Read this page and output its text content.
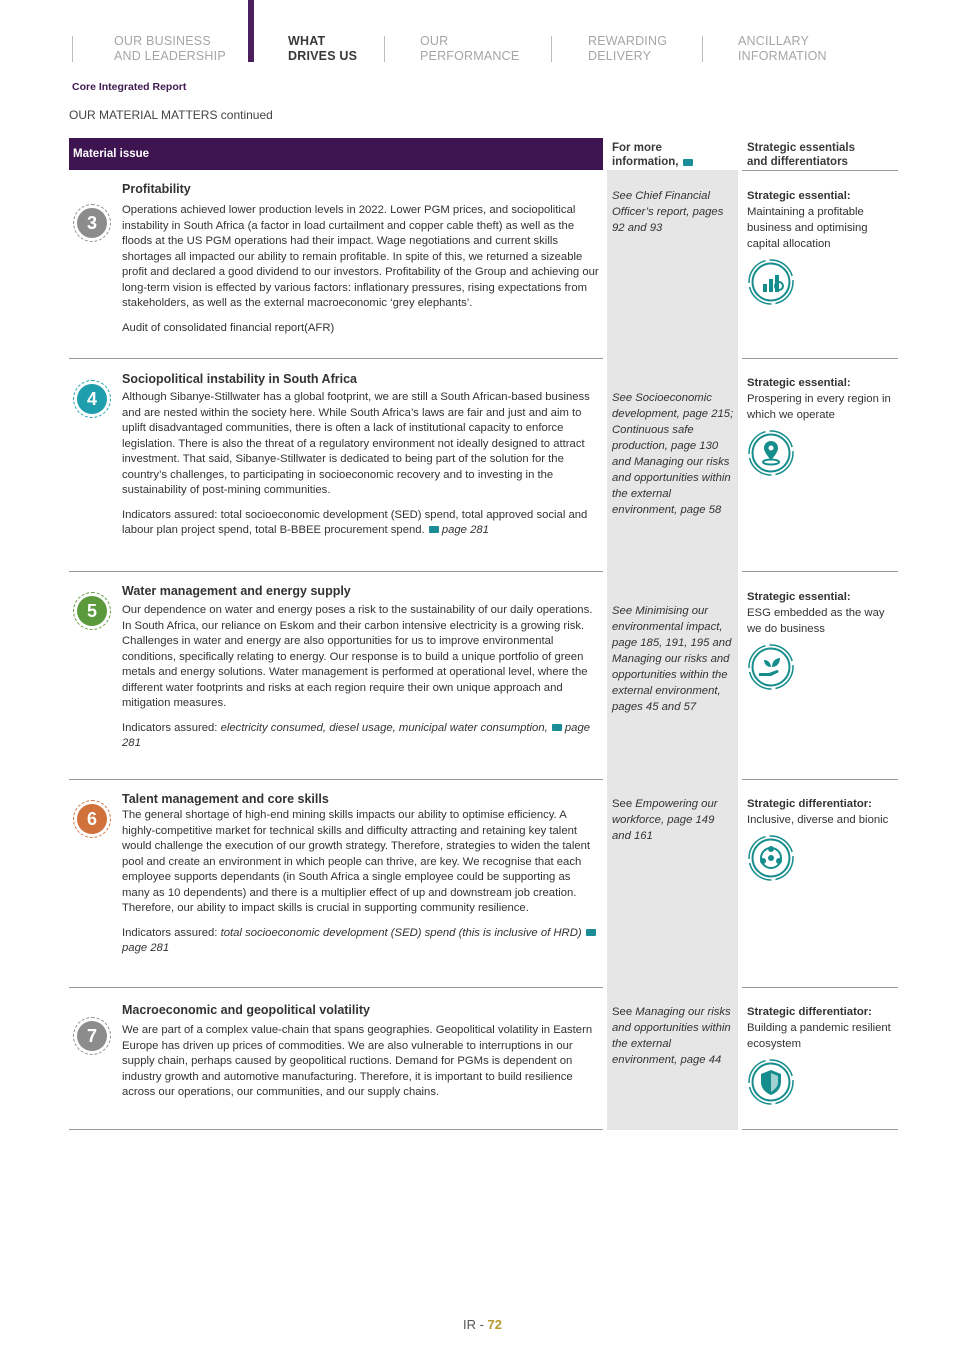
OUR BUSINESS
AND LEADERSHIP
WHAT
DRIVES US
OUR
PERFORMANCE
REWARDING
DELIVERY
ANCILLARY
INFORMATION
Core Integrated Report
OUR MATERIAL MATTERS continued
Material issue	For more information,
Strategic essentials
and differentiators
3
Profitability

Operations achieved lower production levels in 2022. Lower PGM prices, and sociopolitical instability in South Africa (a factor in load curtailment and copper cable theft) as well as the floods at the US PGM operations had their impact. Wage negotiations and current skills shortages all impacted our ability to remain profitable. In spite of this, we returned a sizeable profit and declared a good dividend to our investors. Profitability of the Group and achieving our long-term vision is effected by various factors: inflationary pressures, rising expectations from stakeholders, as well as the external macroeconomic ‘grey elephants’.

Audit of consolidated financial report(AFR)

See Chief Financial Officer’s report, pages 92 and 93
Strategic essential:
Maintaining a profitable business and optimising capital allocation
4
Sociopolitical instability in South Africa

Although Sibanye-Stillwater has a global footprint, we are still a South African-based business and are nested within the society here. While South Africa’s laws are fair and just and aim to uplift disadvantaged communities, there is often a lack of institutional capacity to enforce legislation. There is also the threat of a regulatory environment not ideally designed to attract investment. That said, Sibanye-Stillwater is dedicated to being part of the solution for the country’s challenges, to participating in socioeconomic recovery and to investing in the sustainability of post-mining communities.

Indicators assured: total socioeconomic development (SED) spend, total approved social and labour plan project spend, total B-BBEE procurement spend. page 281

See Socioeconomic development, page 215; Continuous safe production, page 130 and Managing our risks and opportunities within the external environment, page 58
Strategic essential:
Prospering in every region in which we operate
5
Water management and energy supply

Our dependence on water and energy poses a risk to the sustainability of our daily operations. In South Africa, our reliance on Eskom and their carbon intensive electricity is a growing risk. Challenges in water and energy are also opportunities for us to improve environmental conditions, specifically relating to energy. Our response is to build a unique portfolio of green metals and energy solutions. Water management is performed at operational level, where the different water footprints and risks at each region require their own unique approach and mitigation measures.

Indicators assured: electricity consumed, diesel usage, municipal water consumption, page 281

See Minimising our environmental impact, page 185, 191, 195 and Managing our risks and opportunities within the external environment, pages 45 and 57
Strategic essential:
ESG embedded as the way we do business
6
Talent management and core skills

The general shortage of high-end mining skills impacts our ability to optimise efficiency. A highly-competitive market for technical skills and difficulty attracting and retaining key talent would challenge the execution of our growth strategy. Therefore, strategies to widen the talent pool and create an environment in which people can thrive, are key. We recognise that each employee supports dependants (in South Africa a single employee could be supporting as many as 10 dependents) and there is a multiplier effect of up and downstream job creation. Therefore, our ability to impact skills is crucial in supporting community resilience.

Indicators assured: total socioeconomic development (SED) spend (this is inclusive of HRD) page 281

See Empowering our workforce, page 149 and 161
Strategic differentiator:
Inclusive, diverse and bionic
7
Macroeconomic and geopolitical volatility

We are part of a complex value-chain that spans geographies. Geopolitical volatility in Eastern Europe has driven up prices of commodities. We are also vulnerable to interruptions in our supply chain, perhaps caused by geopolitical ructions. Demand for PGMs is dependent on industry growth and automotive manufacturing. Therefore, it is important to build resilience across our operations, our communities, and our supply chains.

See Managing our risks and opportunities within the external environment, page 44
Strategic differentiator:
Building a pandemic resilient ecosystem
IR - 72
